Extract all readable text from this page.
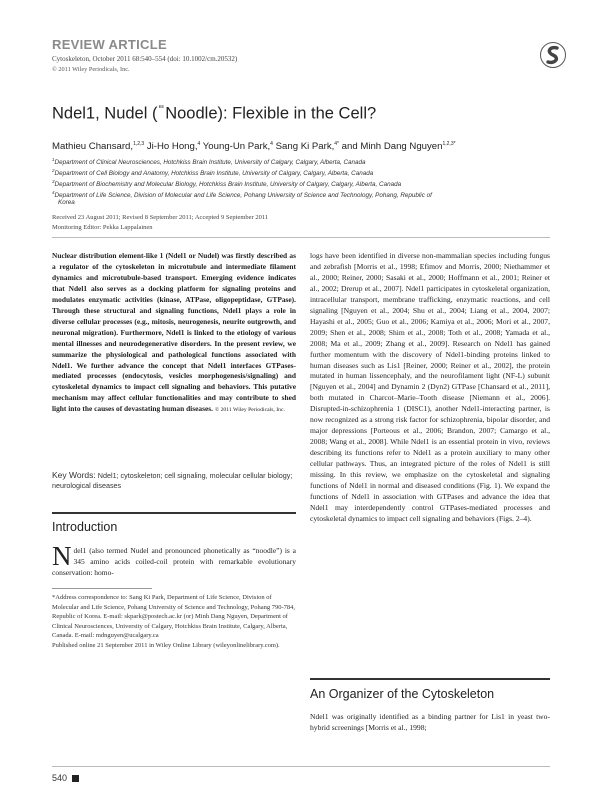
REVIEW ARTICLE
Cytoskeleton, October 2011 68:540–554 (doi: 10.1002/cm.20532)
© 2011 Wiley Periodicals, Inc.
Ndel1, Nudel ($^{ᄐᄐ}$Noodle): Flexible in the Cell?
Mathieu Chansard,$^{1,2,3}$ Ji-Ho Hong,$^4$ Young-Un Park,$^4$ Sang Ki Park,$^{4*}$ and Minh Dang Nguyen$^{1,2,3*}$
$^1$Department of Clinical Neurosciences, Hotchkiss Brain Institute, University of Calgary, Calgary, Alberta, Canada
$^2$Department of Cell Biology and Anatomy, Hotchkiss Brain Institute, University of Calgary, Calgary, Alberta, Canada
$^3$Department of Biochemistry and Molecular Biology, Hotchkiss Brain Institute, University of Calgary, Calgary, Alberta, Canada
$^4$Department of Life Science, Division of Molecular and Life Science, Pohang University of Science and Technology, Pohang, Republic of
Korea
Received 23 August 2011; Revised 8 September 2011; Accepted 9 September 2011
Monitoring Editor: Pekka Lappalainen

Nuclear distribution element-like 1 (Ndel1 or Nudel) was firstly described as a regulator of the cytoskeleton in microtubule and intermediate filament dynamics and microtubule-based transport. Emerging evidence indicates that Ndel1 also serves as a docking platform for signaling proteins and modulates enzymatic activities (kinase, ATPase, oligopeptidase, GTPase). Through these structural and signaling functions, Ndel1 plays a role in diverse cellular processes (e.g., mitosis, neurogenesis, neurite outgrowth, and neuronal migration). Furthermore, Ndel1 is linked to the etiology of various mental illnesses and neurodegenerative disorders. In the present review, we summarize the physiological and pathological functions associated with Ndel1. We further advance the concept that Ndel1 interfaces GTPases-mediated processes (endocytosis, vesicles morphogenesis/signaling) and cytoskeletal dynamics to impact cell signaling and behaviors. This putative mechanism may affect cellular functionalities and may contribute to shed light into the causes of devastating human diseases. © 2011 Wiley Periodicals, Inc.

Key Words: Ndel1; cytoskeleton; cell signaling, molecular cellular biology; neurological diseases

Introduction

Ndel1 (also termed Nudel and pronounced phonetically as “noodle”) is a 345 amino acids coiled-coil protein with remarkable evolutionary conservation: homo-

*Address correspondence to: Sang Ki Park, Department of Life Science, Division of Molecular and Life Science, Pohang University of Science and Technology, Pohang 790-784, Republic of Korea. E-mail: skpark@postech.ac.kr (or) Minh Dang Nguyen, Department of Clinical Neurosciences, University of Calgary, Hotchkiss Brain Institute, Calgary, Alberta, Canada. E-mail: mdnguyen@ucalgary.ca
Published online 21 September 2011 in Wiley Online Library (wileyonlinelibrary.com).

logs have been identified in diverse non-mammalian species including fungus and zebrafish [Morris et al., 1998; Efimov and Morris, 2000; Niethammer et al., 2000; Reiner, 2000; Sasaki et al., 2000; Hoffmann et al., 2001; Reiner et al., 2002; Drerup et al., 2007]. Ndel1 participates in cytoskeletal organization, intracellular transport, membrane trafficking, enzymatic reactions, and cell signaling [Nguyen et al., 2004; Shu et al., 2004; Liang et al., 2004, 2007; Hayashi et al., 2005; Guo et al., 2006; Kamiya et al., 2006; Mori et al., 2007, 2009; Shen et al., 2008; Shim et al., 2008; Toth et al., 2008; Yamada et al., 2008; Ma et al., 2009; Zhang et al., 2009]. Research on Ndel1 has gained further momentum with the discovery of Ndel1-binding proteins linked to human diseases such as Lis1 [Reiner, 2000; Reiner et al., 2002], the protein mutated in human lissencephaly, and the neurofilament light (NF-L) subunit [Nguyen et al., 2004] and Dynamin 2 (Dyn2) GTPase [Chansard et al., 2011], both mutated in Charcot–Marie–Tooth disease [Niemann et al., 2006]. Disrupted-in-schizophrenia 1 (DISC1), another Ndel1-interacting partner, is now recognized as a strong risk factor for schizophrenia, bipolar disorder, and major depressions [Porteous et al., 2006; Brandon, 2007; Camargo et al., 2008; Wang et al., 2008]. While Ndel1 is an essential protein in vivo, reviews describing its functions refer to Ndel1 as a protein auxiliary to many other cellular pathways. Thus, an integrated picture of the roles of Ndel1 is still missing. In this review, we emphasize on the cytoskeletal and signaling functions of Ndel1 in normal and diseased conditions (Fig. 1). We expand the functions of Ndel1 in association with GTPases and advance the idea that Ndel1 may interdependently control GTPases-mediated processes and cytoskeletal dynamics to impact cell signaling and behaviors (Figs. 2–4).

An Organizer of the Cytoskeleton

Ndel1 was originally identified as a binding partner for Lis1 in yeast two-hybrid screenings [Morris et al., 1998;

540
